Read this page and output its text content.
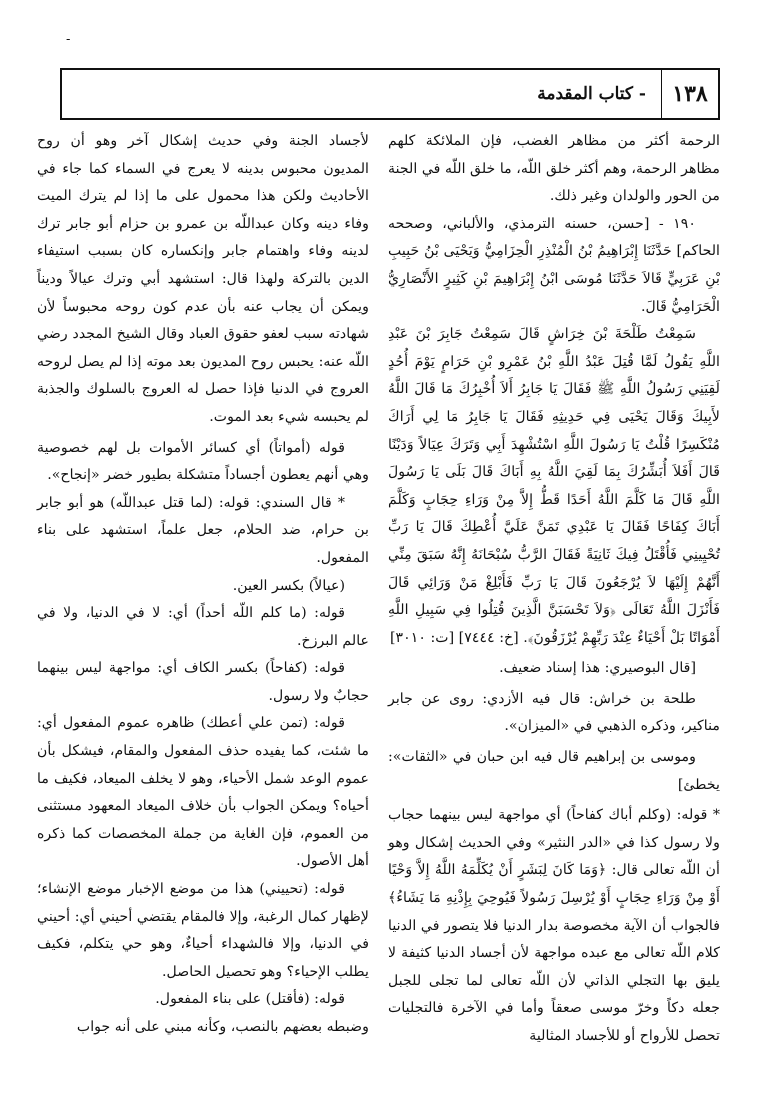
-
١٣٨
- كتاب المقدمة

الرحمة أكثر من مظاهر الغضب، فإن الملائكة كلهم مظاهر الرحمة، وهم أكثر خلق اللّه، ما خلق اللّه في الجنة من الحور والولدان وغير ذلك.

١٩٠ - [حسن، حسنه الترمذي، والألباني، وصححه الحاكم] حَدَّثَنَا إِبْرَاهِيمُ بْنُ الْمُنْذِرِ الْحِزَامِيُّ وَيَحْيَى بْنُ حَبِيبِ بْنِ عَرَبِيٍّ قَالاَ حَدَّثَنَا مُوسَى ابْنُ إِبْرَاهِيمَ بْنِ كَثِيرٍ الأَنْصَارِيُّ الْحَرَامِيُّ قَالَ.

سَمِعْتُ طَلْحَةَ بْنَ خِرَاشٍ قَالَ سَمِعْتُ جَابِرَ بْنَ عَبْدِ اللَّهِ يَقُولُ لَمَّا قُتِلَ عَبْدُ اللَّهِ بْنُ عَمْرِو بْنِ حَرَامٍ يَوْمَ أُحُدٍ لَقِيَنِي رَسُولُ اللَّهِ ﷺ فَقَالَ يَا جَابِرُ أَلاَ أُخْبِرُكَ مَا قَالَ اللَّهُ لأَبِيكَ وَقَالَ يَحْيَى فِي حَدِيثِهِ فَقَالَ يَا جَابِرُ مَا لِي أَرَاكَ مُنْكَسِرًا قُلْتُ يَا رَسُولَ اللَّهِ اسْتُشْهِدَ أَبِي وَتَرَكَ عِيَالاً وَدَيْنًا قَالَ أَفَلاَ أُبَشِّرُكَ بِمَا لَقِيَ اللَّهُ بِهِ أَبَاكَ قَالَ بَلَى يَا رَسُولَ اللَّهِ قَالَ مَا كَلَّمَ اللَّهُ أَحَدًا قَطُّ إِلاَّ مِنْ وَرَاءِ حِجَابٍ وَكَلَّمَ أَبَاكَ كِفَاحًا فَقَالَ يَا عَبْدِي تَمَنَّ عَلَيَّ أُعْطِكَ قَالَ يَا رَبِّ تُحْيِينِي فَأُقْتَلُ فِيكَ ثَانِيَةً فَقَالَ الرَّبُّ سُبْحَانَهُ إِنَّهُ سَبَقَ مِنِّي أَنَّهُمْ إِلَيْهَا لاَ يُرْجَعُونَ قَالَ يَا رَبِّ فَأَبْلِغْ مَنْ وَرَائِي قَالَ فَأَنْزَلَ اللَّهُ تَعَالَى ﴿وَلاَ تَحْسَبَنَّ الَّذِينَ قُتِلُوا فِي سَبِيلِ اللَّهِ أَمْوَاتًا بَلْ أَحْيَاءٌ عِنْدَ رَبِّهِمْ يُرْزَقُونَ﴾. [خ: ٧٤٤٤] [ت: ٣٠١٠]

[قال البوصيري: هذا إسناد ضعيف.

طلحة بن خراش: قال فيه الأزدي: روى عن جابر مناكير، وذكره الذهبي في «الميزان».

وموسى بن إبراهيم قال فيه ابن حبان في «الثقات»: يخطئ]

* قوله: (وكلم أباك كفاحاً) أي مواجهة ليس بينهما حجاب ولا رسول كذا في «الدر النثير» وفي الحديث إشكال وهو أن اللّه تعالى قال: ﴿وَمَا كَانَ لِبَشَرٍ أَنْ يُكَلِّمَهُ اللَّهُ إِلاَّ وَحْيًا أَوْ مِنْ وَرَاءِ حِجَابٍ أَوْ يُرْسِلَ رَسُولاً فَيُوحِيَ بِإِذْنِهِ مَا يَشَاءُ﴾ فالجواب أن الآية مخصوصة بدار الدنيا فلا يتصور في الدنيا كلام اللّه تعالى مع عبده مواجهة لأن أجساد الدنيا كثيفة لا يليق بها التجلي الذاتي لأن اللّه تعالى لما تجلى للجبل جعله دكاً وخرّ موسى صعقاً وأما في الآخرة فالتجليات تحصل للأرواح أو للأجساد المثالية

لأجساد الجنة وفي حديث إشكال آخر وهو أن روح المديون محبوس بدينه لا يعرج في السماء كما جاء في الأحاديث ولكن هذا محمول على ما إذا لم يترك الميت وفاء دينه وكان عبداللّه بن عمرو بن حزام أبو جابر ترك لدينه وفاء واهتمام جابر وإنكساره كان بسبب استيفاء الدين بالتركة ولهذا قال: استشهد أبي وترك عيالاً وديناً ويمكن أن يجاب عنه بأن عدم كون روحه محبوساً لأن شهادته سبب لعفو حقوق العباد وقال الشيخ المجدد رضي اللّه عنه: يحبس روح المديون بعد موته إذا لم يصل لروحه العروج في الدنيا فإذا حصل له العروج بالسلوك والجذبة لم يحبسه شيء بعد الموت.

قوله (أمواتاً) أي كسائر الأموات بل لهم خصوصية وهي أنهم يعطون أجساداً متشكلة بطيور خضر «إنجاح».

* قال السندي: قوله: (لما قتل عبداللّه) هو أبو جابر بن حرام، ضد الحلام، جعل علماً، استشهد على بناء المفعول.

(عيالاً) بكسر العين.

قوله: (ما كلم اللّه أحداً) أي: لا في الدنيا، ولا في عالم البرزخ.

قوله: (كفاحاً) بكسر الكاف أي: مواجهة ليس بينهما حجابٌ ولا رسول.

قوله: (تمن علي أعطك) ظاهره عموم المفعول أي: ما شئت، كما يفيده حذف المفعول والمقام، فيشكل بأن عموم الوعد شمل الأحياء، وهو لا يخلف الميعاد، فكيف ما أحياه؟ ويمكن الجواب بأن خلاف الميعاد المعهود مستثنى من العموم، فإن الغاية من جملة المخصصات كما ذكره أهل الأصول.

قوله: (تحييني) هذا من موضع الإخبار موضع الإنشاء؛ لإظهار كمال الرغبة، وإلا فالمقام يقتضي أحيني أي: أحيني في الدنيا، وإلا فالشهداء أحياءٌ، وهو حي يتكلم، فكيف يطلب الإحياء؟ وهو تحصيل الحاصل.

قوله: (فأقتل) على بناء المفعول.

وضبطه بعضهم بالنصب، وكأنه مبني على أنه جواب
